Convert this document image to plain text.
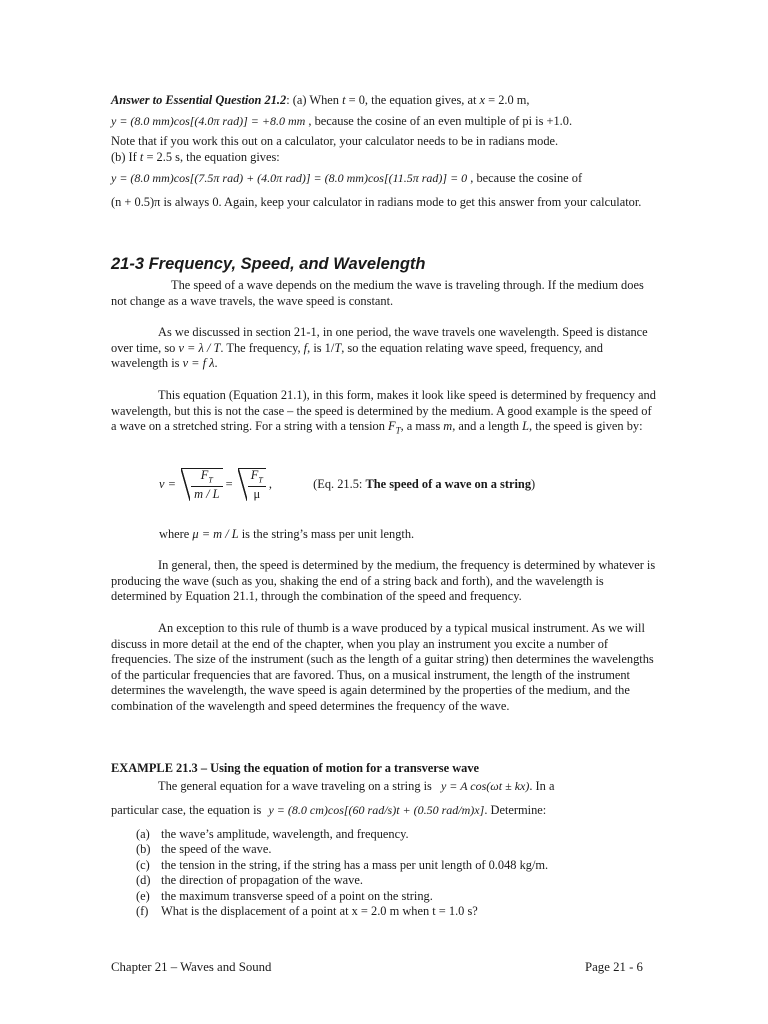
Answer to Essential Question 21.2: (a) When t = 0, the equation gives, at x = 2.0 m,

y = (8.0 mm)cos[(4.0π rad)] = +8.0 mm , because the cosine of an even multiple of pi is +1.0.

Note that if you work this out on a calculator, your calculator needs to be in radians mode.

(b) If t = 2.5 s, the equation gives:

y = (8.0 mm)cos[(7.5π rad) + (4.0π rad)] = (8.0 mm)cos[(11.5π rad)] = 0 , because the cosine of

(n + 0.5)π is always 0. Again, keep your calculator in radians mode to get this answer from your calculator.

21-3 Frequency, Speed, and Wavelength

The speed of a wave depends on the medium the wave is traveling through. If the medium does not change as a wave travels, the wave speed is constant.

As we discussed in section 21-1, in one period, the wave travels one wavelength. Speed is distance over time, so v = λ / T. The frequency, f, is 1/T, so the equation relating wave speed, frequency, and wavelength is v = f λ.

This equation (Equation 21.1), in this form, makes it look like speed is determined by frequency and wavelength, but this is not the case – the speed is determined by the medium. A good example is the speed of a wave on a stretched string. For a string with a tension $F_T$, a mass m, and a length L, the speed is given by:

$v = \frac{F_T}{m / L} = \frac{F_T}{\mu}$ ,	(Eq. 21.5: The speed of a wave on a string)
where μ = m / L is the string’s mass per unit length.

In general, then, the speed is determined by the medium, the frequency is determined by whatever is producing the wave (such as you, shaking the end of a string back and forth), and the wavelength is determined by Equation 21.1, through the combination of the speed and frequency.

An exception to this rule of thumb is a wave produced by a typical musical instrument. As we will discuss in more detail at the end of the chapter, when you play an instrument you excite a number of frequencies. The size of the instrument (such as the length of a guitar string) then determines the wavelengths of the particular frequencies that are favored. Thus, on a musical instrument, the length of the instrument determines the wavelength, the wave speed is again determined by the properties of the medium, and the combination of the wavelength and speed determines the frequency of the wave.

EXAMPLE 21.3 – Using the equation of motion for a transverse wave

The general equation for a wave traveling on a string is y = A cos(ωt ± kx). In a

particular case, the equation is y = (8.0 cm)cos[(60 rad/s)t + (0.50 rad/m)x]. Determine:

(a) the wave’s amplitude, wavelength, and frequency.
(b) the speed of the wave.
(c) the tension in the string, if the string has a mass per unit length of 0.048 kg/m.
(d) the direction of propagation of the wave.
(e) the maximum transverse speed of a point on the string.
(f) What is the displacement of a point at x = 2.0 m when t = 1.0 s?
Chapter 21 – Waves and Sound	Page 21 - 6
